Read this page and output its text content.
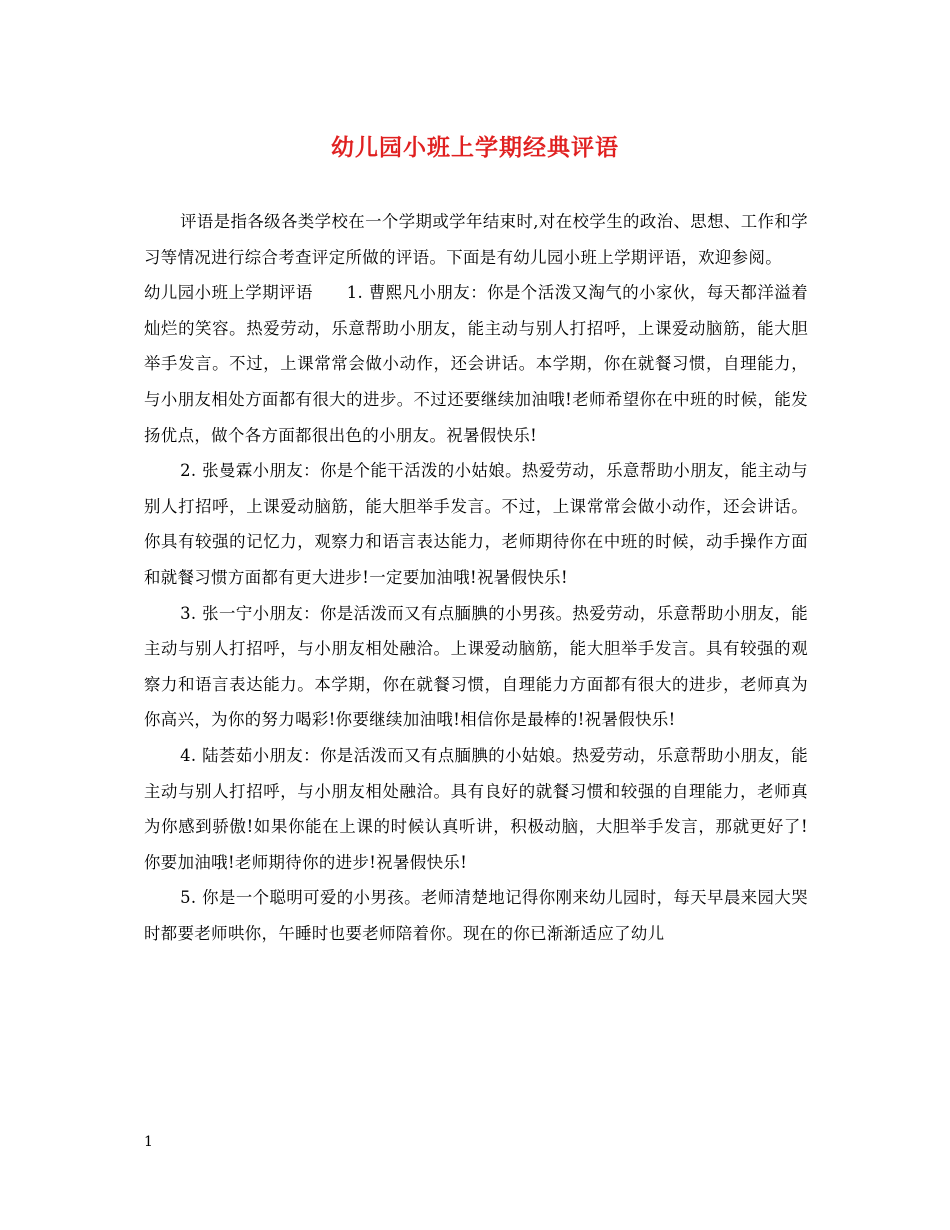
幼儿园小班上学期经典评语

评语是指各级各类学校在一个学期或学年结束时,对在校学生的政治、思想、工作和学习等情况进行综合考查评定所做的评语。下面是有幼儿园小班上学期评语，欢迎参阅。

幼儿园小班上学期评语　　1. 曹熙凡小朋友：你是个活泼又淘气的小家伙，每天都洋溢着灿烂的笑容。热爱劳动，乐意帮助小朋友，能主动与别人打招呼，上课爱动脑筋，能大胆举手发言。不过，上课常常会做小动作，还会讲话。本学期，你在就餐习惯，自理能力，与小朋友相处方面都有很大的进步。不过还要继续加油哦!老师希望你在中班的时候，能发扬优点，做个各方面都很出色的小朋友。祝暑假快乐!

2. 张曼霖小朋友：你是个能干活泼的小姑娘。热爱劳动，乐意帮助小朋友，能主动与别人打招呼，上课爱动脑筋，能大胆举手发言。不过，上课常常会做小动作，还会讲话。你具有较强的记忆力，观察力和语言表达能力，老师期待你在中班的时候，动手操作方面和就餐习惯方面都有更大进步!一定要加油哦!祝暑假快乐!

3. 张一宁小朋友：你是活泼而又有点腼腆的小男孩。热爱劳动，乐意帮助小朋友，能主动与别人打招呼，与小朋友相处融洽。上课爱动脑筋，能大胆举手发言。具有较强的观察力和语言表达能力。本学期，你在就餐习惯，自理能力方面都有很大的进步，老师真为你高兴，为你的努力喝彩!你要继续加油哦!相信你是最棒的!祝暑假快乐!

4. 陆荟茹小朋友：你是活泼而又有点腼腆的小姑娘。热爱劳动，乐意帮助小朋友，能主动与别人打招呼，与小朋友相处融洽。具有良好的就餐习惯和较强的自理能力，老师真为你感到骄傲!如果你能在上课的时候认真听讲，积极动脑，大胆举手发言，那就更好了!你要加油哦!老师期待你的进步!祝暑假快乐!

5. 你是一个聪明可爱的小男孩。老师清楚地记得你刚来幼儿园时，每天早晨来园大哭时都要老师哄你，午睡时也要老师陪着你。现在的你已渐渐适应了幼儿

1
